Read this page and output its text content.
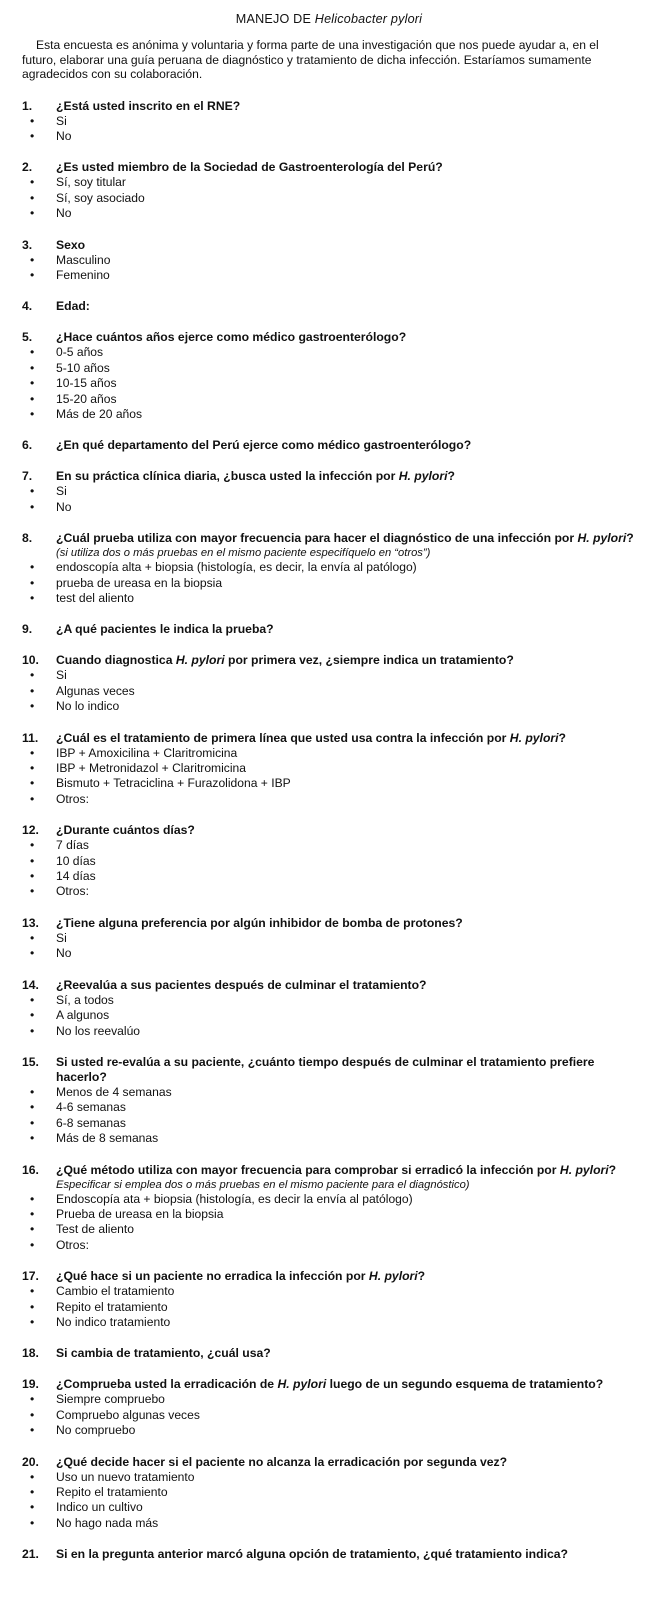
MANEJO DE Helicobacter pylori

Esta encuesta es anónima y voluntaria y forma parte de una investigación que nos puede ayudar a, en el futuro, elaborar una guía peruana de diagnóstico y tratamiento de dicha infección. Estaríamos sumamente agradecidos con su colaboración.

1.	¿Está usted inscrito en el RNE?
•	Si
•	No
2.	¿Es usted miembro de la Sociedad de Gastroenterología del Perú?
•	Sí, soy titular
•	Sí, soy asociado
•	No
3.	Sexo
•	Masculino
•	Femenino
4.	Edad:
5.	¿Hace cuántos años ejerce como médico gastroenterólogo?
•	0-5 años
•	5-10 años
•	10-15 años
•	15-20 años
•	Más de 20 años
6.	¿En qué departamento del Perú ejerce como médico gastroenterólogo?
7.	En su práctica clínica diaria, ¿busca usted la infección por H. pylori?
•	Si
•	No
8.	¿Cuál prueba utiliza con mayor frecuencia para hacer el diagnóstico de una infección por H. pylori?
(si utiliza dos o más pruebas en el mismo paciente especifíquelo en “otros”)
•	endoscopía alta + biopsia (histología, es decir, la envía al patólogo)
•	prueba de ureasa en la biopsia
•	test del aliento
9.	¿A qué pacientes le indica la prueba?
10.	Cuando diagnostica H. pylori por primera vez, ¿siempre indica un tratamiento?
•	Si
•	Algunas veces
•	No lo indico
11.	¿Cuál es el tratamiento de primera línea que usted usa contra la infección por H. pylori?
•	IBP + Amoxicilina + Claritromicina
•	IBP + Metronidazol + Claritromicina
•	Bismuto + Tetraciclina + Furazolidona + IBP
•	Otros:
12.	¿Durante cuántos días?
•	7 días
•	10 días
•	14 días
•	Otros:
13.	¿Tiene alguna preferencia por algún inhibidor de bomba de protones?
•	Si
•	No
14.	¿Reevalúa a sus pacientes después de culminar el tratamiento?
•	Sí, a todos
•	A algunos
•	No los reevalúo
15.	Si usted re-evalúa a su paciente, ¿cuánto tiempo después de culminar el tratamiento prefiere hacerlo?
•	Menos de 4 semanas
•	4-6 semanas
•	6-8 semanas
•	Más de 8 semanas
16.	¿Qué método utiliza con mayor frecuencia para comprobar si erradicó la infección por H. pylori?
Especificar si emplea dos o más pruebas en el mismo paciente para el diagnóstico)
•	Endoscopía ata + biopsia (histología, es decir la envía al patólogo)
•	Prueba de ureasa en la biopsia
•	Test de aliento
•	Otros:
17.	¿Qué hace si un paciente no erradica la infección por H. pylori?
•	Cambio el tratamiento
•	Repito el tratamiento
•	No indico tratamiento
18.	Si cambia de tratamiento, ¿cuál usa?
19.	¿Comprueba usted la erradicación de H. pylori luego de un segundo esquema de tratamiento?
•	Siempre compruebo
•	Compruebo algunas veces
•	No compruebo
20.	¿Qué decide hacer si el paciente no alcanza la erradicación por segunda vez?
•	Uso un nuevo tratamiento
•	Repito el tratamiento
•	Indico un cultivo
•	No hago nada más
21.	Si en la pregunta anterior marcó alguna opción de tratamiento, ¿qué tratamiento indica?
